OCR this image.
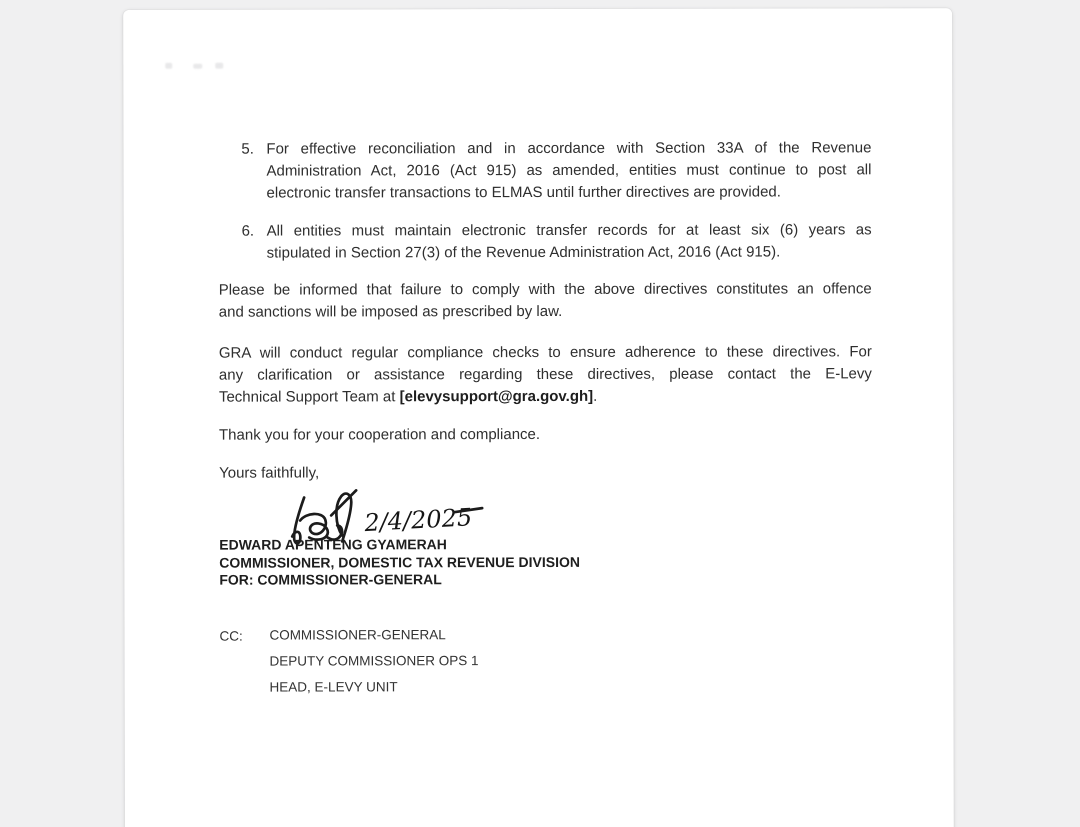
5. For effective reconciliation and in accordance with Section 33A of the Revenue
Administration Act, 2016 (Act 915) as amended, entities must continue to post all
electronic transfer transactions to ELMAS until further directives are provided.
6. All entities must maintain electronic transfer records for at least six (6) years as
stipulated in Section 27(3) of the Revenue Administration Act, 2016 (Act 915).
Please be informed that failure to comply with the above directives constitutes an offence
and sanctions will be imposed as prescribed by law.
GRA will conduct regular compliance checks to ensure adherence to these directives. For
any clarification or assistance regarding these directives, please contact the E-Levy
Technical Support Team at [elevysupport@gra.gov.gh].
Thank you for your cooperation and compliance.
Yours faithfully,
2/4/2025
EDWARD APENTENG GYAMERAH
COMMISSIONER, DOMESTIC TAX REVENUE DIVISION
FOR: COMMISSIONER-GENERAL
CC: COMMISSIONER-GENERAL
DEPUTY COMMISSIONER OPS 1
HEAD, E-LEVY UNIT
